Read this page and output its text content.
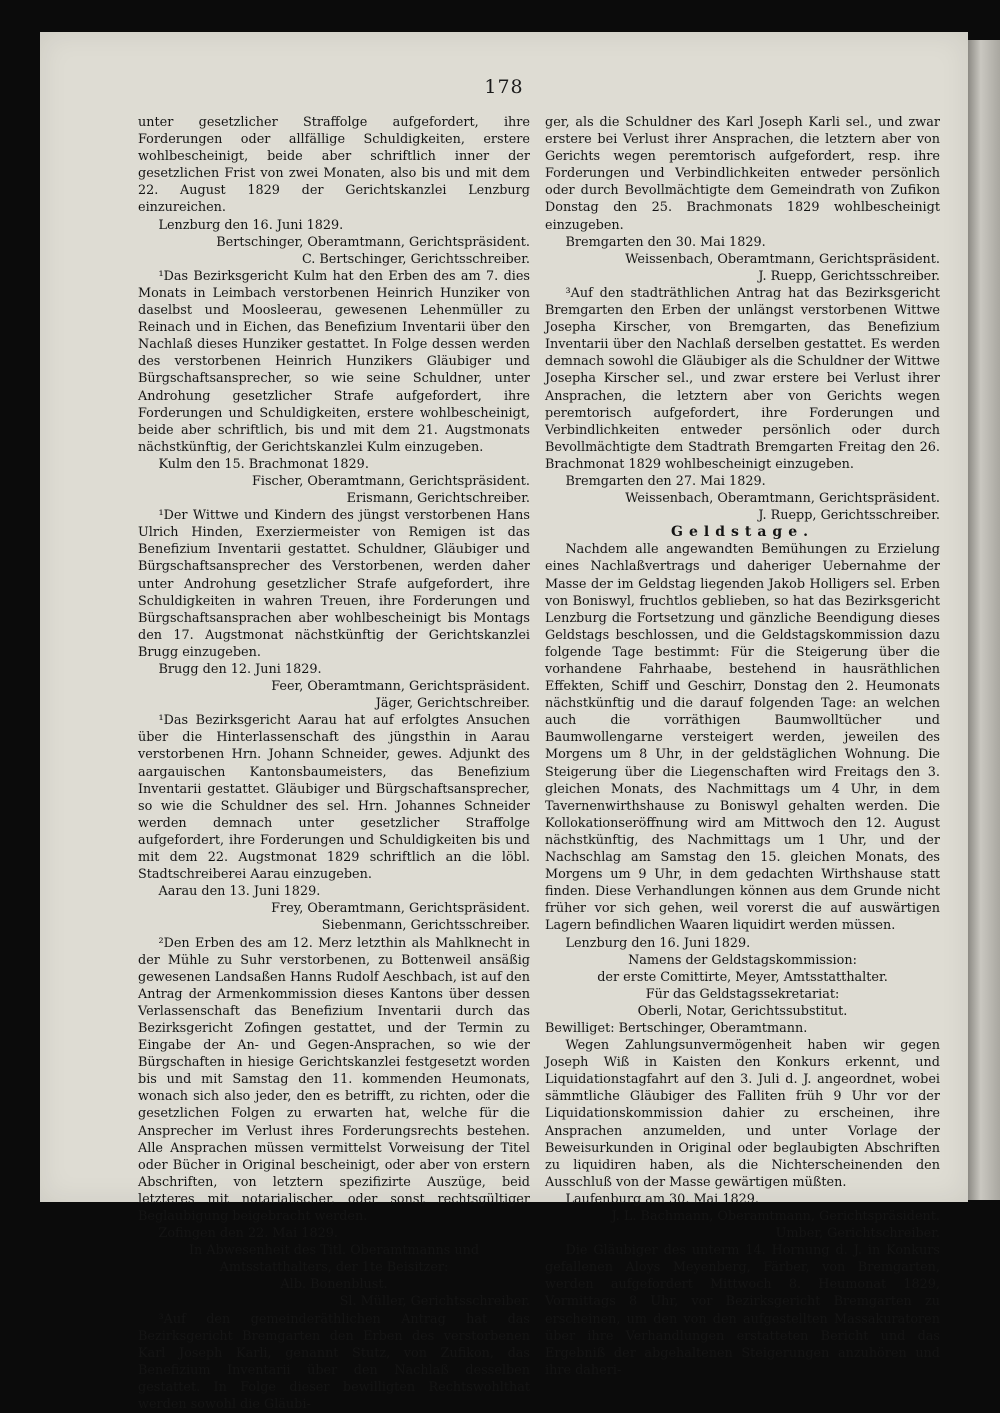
178

unter gesetzlicher Straffolge aufgefordert, ihre Forderungen oder allfällige Schuldigkeiten, erstere wohlbescheinigt, beide aber schriftlich inner der gesetzlichen Frist von zwei Monaten, also bis und mit dem 22. August 1829 der Gerichtskanzlei Lenzburg einzureichen.

Lenzburg den 16. Juni 1829.

Bertschinger, Oberamtmann, Gerichtspräsident.

C. Bertschinger, Gerichtsschreiber.

¹Das Bezirksgericht Kulm hat den Erben des am 7. dies Monats in Leimbach verstorbenen Heinrich Hunziker von daselbst und Moosleerau, gewesenen Lehenmüller zu Reinach und in Eichen, das Benefizium Inventarii über den Nachlaß dieses Hunziker gestattet. In Folge dessen werden des verstorbenen Heinrich Hunzikers Gläubiger und Bürgschaftsansprecher, so wie seine Schuldner, unter Androhung gesetzlicher Strafe aufgefordert, ihre Forderungen und Schuldigkeiten, erstere wohlbescheinigt, beide aber schriftlich, bis und mit dem 21. Augstmonats nächstkünftig, der Gerichtskanzlei Kulm einzugeben.

Kulm den 15. Brachmonat 1829.

Fischer, Oberamtmann, Gerichtspräsident.

Erismann, Gerichtschreiber.

¹Der Wittwe und Kindern des jüngst verstorbenen Hans Ulrich Hinden, Exerziermeister von Remigen ist das Benefizium Inventarii gestattet. Schuldner, Gläubiger und Bürgschaftsansprecher des Verstorbenen, werden daher unter Androhung gesetzlicher Strafe aufgefordert, ihre Schuldigkeiten in wahren Treuen, ihre Forderungen und Bürgschaftsansprachen aber wohlbescheinigt bis Montags den 17. Augstmonat nächstkünftig der Gerichtskanzlei Brugg einzugeben.

Brugg den 12. Juni 1829.

Feer, Oberamtmann, Gerichtspräsident.

Jäger, Gerichtschreiber.

¹Das Bezirksgericht Aarau hat auf erfolgtes Ansuchen über die Hinterlassenschaft des jüngsthin in Aarau verstorbenen Hrn. Johann Schneider, gewes. Adjunkt des aargauischen Kantonsbaumeisters, das Benefizium Inventarii gestattet. Gläubiger und Bürgschaftsansprecher, so wie die Schuldner des sel. Hrn. Johannes Schneider werden demnach unter gesetzlicher Straffolge aufgefordert, ihre Forderungen und Schuldigkeiten bis und mit dem 22. Augstmonat 1829 schriftlich an die löbl. Stadtschreiberei Aarau einzugeben.

Aarau den 13. Juni 1829.

Frey, Oberamtmann, Gerichtspräsident.

Siebenmann, Gerichtsschreiber.

²Den Erben des am 12. Merz letzthin als Mahlknecht in der Mühle zu Suhr verstorbenen, zu Bottenweil ansäßig gewesenen Landsaßen Hanns Rudolf Aeschbach, ist auf den Antrag der Armenkommission dieses Kantons über dessen Verlassenschaft das Benefizium Inventarii durch das Bezirksgericht Zofingen gestattet, und der Termin zu Eingabe der An- und Gegen-Ansprachen, so wie der Bürgschaften in hiesige Gerichtskanzlei festgesetzt worden bis und mit Samstag den 11. kommenden Heumonats, wonach sich also jeder, den es betrifft, zu richten, oder die gesetzlichen Folgen zu erwarten hat, welche für die Ansprecher im Verlust ihres Forderungsrechts bestehen. Alle Ansprachen müssen vermittelst Vorweisung der Titel oder Bücher in Original bescheinigt, oder aber von erstern Abschriften, von letztern spezifizirte Auszüge, beid letzteres mit notarialischer, oder sonst rechtsgültiger Beglaubigung beigebracht werden.

Zofingen den 22. Mai 1829.

In Abwesenheit des Titl. Oberamtmanns und Amtsstatthalters, der 1te Beisitzer:

Alb. Bonenblust.

Sl. Müller, Gerichtsschreiber.

³Auf den gemeinderäthlichen Antrag hat das Bezirksgericht Bremgarten den Erben des verstorbenen Karl Joseph Karli, genannt Stutz, von Zufikon, das Benefizium Inventarii über den Nachlaß desselben gestattet. In Folge dieser bewilligten Rechtswohlthat werden sowohl die Gläubi-

ger, als die Schuldner des Karl Joseph Karli sel., und zwar erstere bei Verlust ihrer Ansprachen, die letztern aber von Gerichts wegen peremtorisch aufgefordert, resp. ihre Forderungen und Verbindlichkeiten entweder persönlich oder durch Bevollmächtigte dem Gemeindrath von Zufikon Donstag den 25. Brachmonats 1829 wohlbescheinigt einzugeben.

Bremgarten den 30. Mai 1829.

Weissenbach, Oberamtmann, Gerichtspräsident.

J. Ruepp, Gerichtsschreiber.

³Auf den stadträthlichen Antrag hat das Bezirksgericht Bremgarten den Erben der unlängst verstorbenen Wittwe Josepha Kirscher, von Bremgarten, das Benefizium Inventarii über den Nachlaß derselben gestattet. Es werden demnach sowohl die Gläubiger als die Schuldner der Wittwe Josepha Kirscher sel., und zwar erstere bei Verlust ihrer Ansprachen, die letztern aber von Gerichts wegen peremtorisch aufgefordert, ihre Forderungen und Verbindlichkeiten entweder persönlich oder durch Bevollmächtigte dem Stadtrath Bremgarten Freitag den 26. Brachmonat 1829 wohlbescheinigt einzugeben.

Bremgarten den 27. Mai 1829.

Weissenbach, Oberamtmann, Gerichtspräsident.

J. Ruepp, Gerichtsschreiber.

Geldstage.

Nachdem alle angewandten Bemühungen zu Erzielung eines Nachlaßvertrags und daheriger Uebernahme der Masse der im Geldstag liegenden Jakob Holligers sel. Erben von Boniswyl, fruchtlos geblieben, so hat das Bezirksgericht Lenzburg die Fortsetzung und gänzliche Beendigung dieses Geldstags beschlossen, und die Geldstagskommission dazu folgende Tage bestimmt: Für die Steigerung über die vorhandene Fahrhaabe, bestehend in hausräthlichen Effekten, Schiff und Geschirr, Donstag den 2. Heumonats nächstkünftig und die darauf folgenden Tage: an welchen auch die vorräthigen Baumwolltücher und Baumwollengarne versteigert werden, jeweilen des Morgens um 8 Uhr, in der geldstäglichen Wohnung. Die Steigerung über die Liegenschaften wird Freitags den 3. gleichen Monats, des Nachmittags um 4 Uhr, in dem Tavernenwirthshause zu Boniswyl gehalten werden. Die Kollokationseröffnung wird am Mittwoch den 12. August nächstkünftig, des Nachmittags um 1 Uhr, und der Nachschlag am Samstag den 15. gleichen Monats, des Morgens um 9 Uhr, in dem gedachten Wirthshause statt finden. Diese Verhandlungen können aus dem Grunde nicht früher vor sich gehen, weil vorerst die auf auswärtigen Lagern befindlichen Waaren liquidirt werden müssen.

Lenzburg den 16. Juni 1829.

Namens der Geldstagskommission:

der erste Comittirte, Meyer, Amtsstatthalter.

Für das Geldstagssekretariat:

Oberli, Notar, Gerichtssubstitut.

Bewilliget: Bertschinger, Oberamtmann.

Wegen Zahlungsunvermögenheit haben wir gegen Joseph Wiß in Kaisten den Konkurs erkennt, und Liquidationstagfahrt auf den 3. Juli d. J. angeordnet, wobei sämmtliche Gläubiger des Falliten früh 9 Uhr vor der Liquidationskommission dahier zu erscheinen, ihre Ansprachen anzumelden, und unter Vorlage der Beweisurkunden in Original oder beglaubigten Abschriften zu liquidiren haben, als die Nichterscheinenden den Ausschluß von der Masse gewärtigen müßten.

Laufenburg am 30. Mai 1829.

J. L. Bachmann, Oberamtmann, Gerichtspräsident.

Umber, Gerichtschreiber.

Die Gläubiger des unterm 14. Hornung d. J. in Konkurs gefallenen Aloys Meyenberg, Färber, von Bremgarten, werden aufgefordert Mittwoch 8. Heumonat 1829, Vormittags 8 Uhr, vor Bezirksgericht Bremgarten zu erscheinen, um den von den aufgestellten Massakuratoren über ihre Verhandlungen erstatteten Bericht und das Ergebniß der abgehaltenen Steigerungen anzuhören und ihre daheri-
